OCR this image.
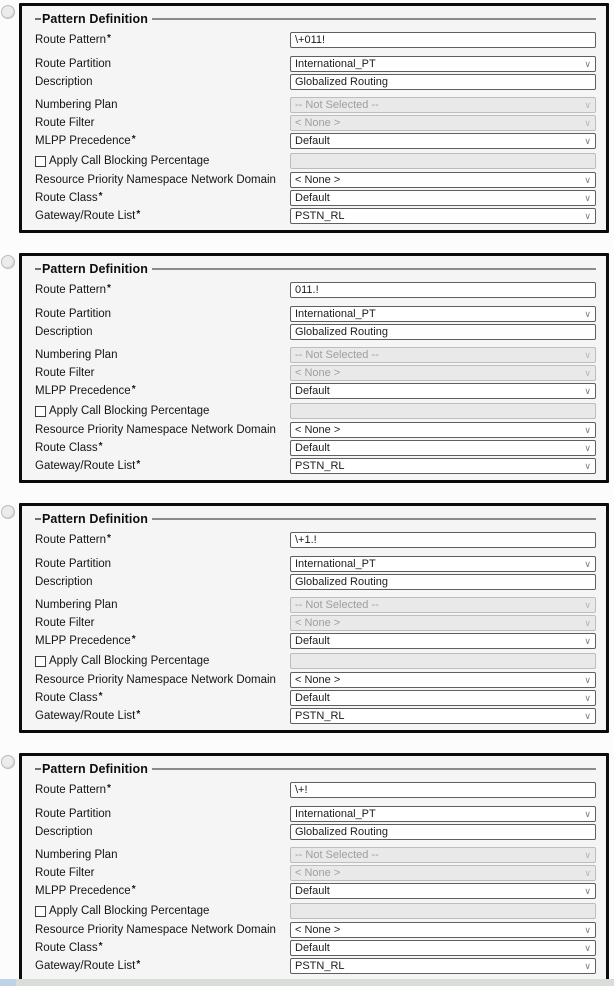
Pattern Definition
Route Pattern*	\+011!
Route Partition	International_PT	∨
Description	Globalized Routing
Numbering Plan	-- Not Selected --	∨
Route Filter	< None >	∨
MLPP Precedence*	Default	∨
Apply Call Blocking Percentage
Resource Priority Namespace Network Domain < None >	∨
Route Class*	Default	∨
Gateway/Route List*	PSTN_RL	∨
Pattern Definition
Route Pattern*	011.!
Route Partition	International_PT	∨
Description	Globalized Routing
Numbering Plan	-- Not Selected --	∨
Route Filter	< None >	∨
MLPP Precedence*	Default	∨
Apply Call Blocking Percentage
Resource Priority Namespace Network Domain < None >	∨
Route Class*	Default	∨
Gateway/Route List*	PSTN_RL	∨
Pattern Definition
Route Pattern*	\+1.!
Route Partition	International_PT	∨
Description	Globalized Routing
Numbering Plan	-- Not Selected --	∨
Route Filter	< None >	∨
MLPP Precedence*	Default	∨
Apply Call Blocking Percentage
Resource Priority Namespace Network Domain < None >	∨
Route Class*	Default	∨
Gateway/Route List*	PSTN_RL	∨
Pattern Definition
Route Pattern*	\+!
Route Partition	International_PT	∨
Description	Globalized Routing
Numbering Plan	-- Not Selected --	∨
Route Filter	< None >	∨
MLPP Precedence*	Default	∨
Apply Call Blocking Percentage
Resource Priority Namespace Network Domain < None >	∨
Route Class*	Default	∨
Gateway/Route List*	PSTN_RL	∨
